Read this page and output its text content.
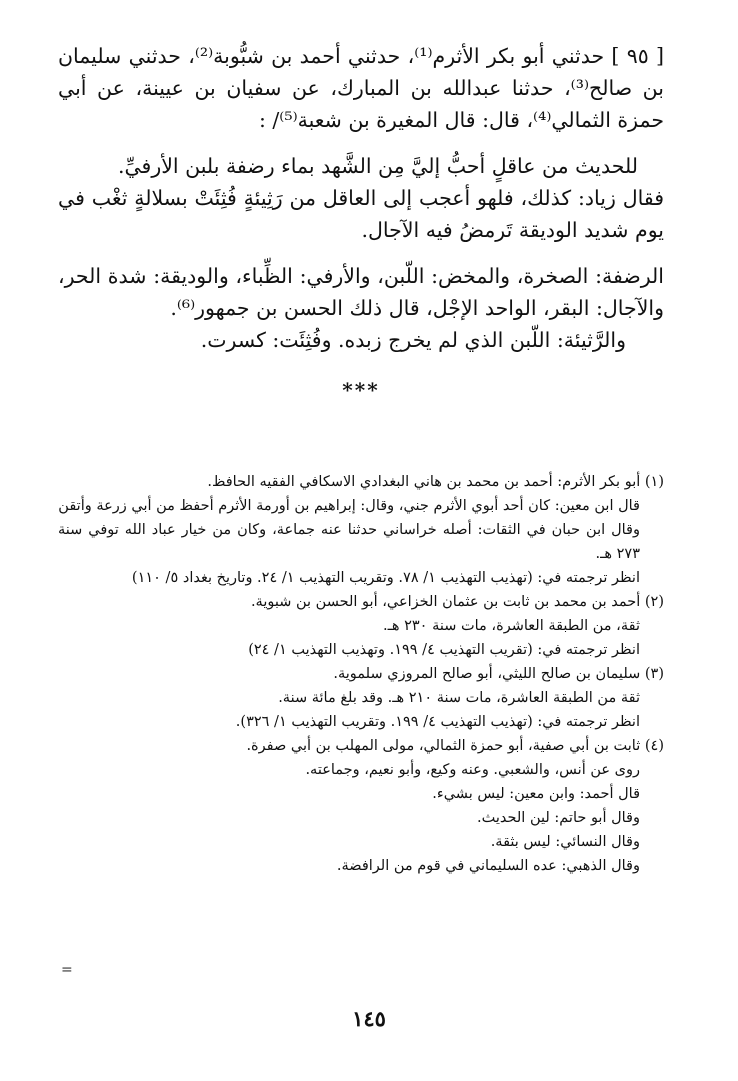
[ ٩٥ ] حدثني أبو بكر الأثرم⁽¹⁾، حدثني أحمد بن شبُّوبة⁽²⁾، حدثني سليمان بن صالح⁽³⁾، حدثنا عبدالله بن المبارك، عن سفيان بن عيينة، عن أبي حمزة الثمالي⁽⁴⁾، قال: قال المغيرة بن شعبة⁽⁵⁾/ :

للحديث من عاقلٍ أحبُّ إليَّ مِن الشَّهد بماء رضفة بلبن الأرفيِّ.

فقال زياد: كذلك، فلهو أعجب إلى العاقل من رَثِيئةٍ فُثِئَتْ بسلالةٍ ثغْب في يوم شديد الوديقة تَرمضُ فيه الآجال.

الرضفة: الصخرة، والمخض: اللّبن، والأرفي: الظِّباء، والوديقة: شدة الحر، والآجال: البقر، الواحد الإجْل، قال ذلك الحسن بن جمهور⁽⁶⁾.

والرَّثيئة: اللّبن الذي لم يخرج زبده. وفُثِئَت: كسرت.

***

(١) أبو بكر الأثرم: أحمد بن محمد بن هاني البغدادي الاسكافي الفقيه الحافظ.

قال ابن معين: كان أحد أبوي الأثرم جني، وقال: إبراهيم بن أورمة الأثرم أحفظ من أبي زرعة وأتقن

وقال ابن حبان في الثقات: أصله خراساني حدثنا عنه جماعة، وكان من خيار عباد الله توفي سنة ٢٧٣ هـ.

انظر ترجمته في: (تهذيب التهذيب ١/ ٧٨. وتقريب التهذيب ١/ ٢٤. وتاريخ بغداد ٥/ ١١٠)

(٢) أحمد بن محمد بن ثابت بن عثمان الخزاعي، أبو الحسن بن شبوية.

ثقة، من الطبقة العاشرة، مات سنة ٢٣٠ هـ.

انظر ترجمته في: (تقريب التهذيب ٤/ ١٩٩. وتهذيب التهذيب ١/ ٢٤)

(٣) سليمان بن صالح الليثي، أبو صالح المروزي سلموية.

ثقة من الطبقة العاشرة، مات سنة ٢١٠ هـ. وقد بلغ مائة سنة.

انظر ترجمته في: (تهذيب التهذيب ٤/ ١٩٩. وتقريب التهذيب ١/ ٣٢٦).

(٤) ثابت بن أبي صفية، أبو حمزة الثمالي، مولى المهلب بن أبي صفرة.

روى عن أنس، والشعبي. وعنه وكيع، وأبو نعيم، وجماعته.

قال أحمد: وابن معين: ليس بشيء.

وقال أبو حاتم: لين الحديث.

وقال النسائي: ليس بثقة.

وقال الذهبي: عده السليماني في قوم من الرافضة.

=
١٤٥
